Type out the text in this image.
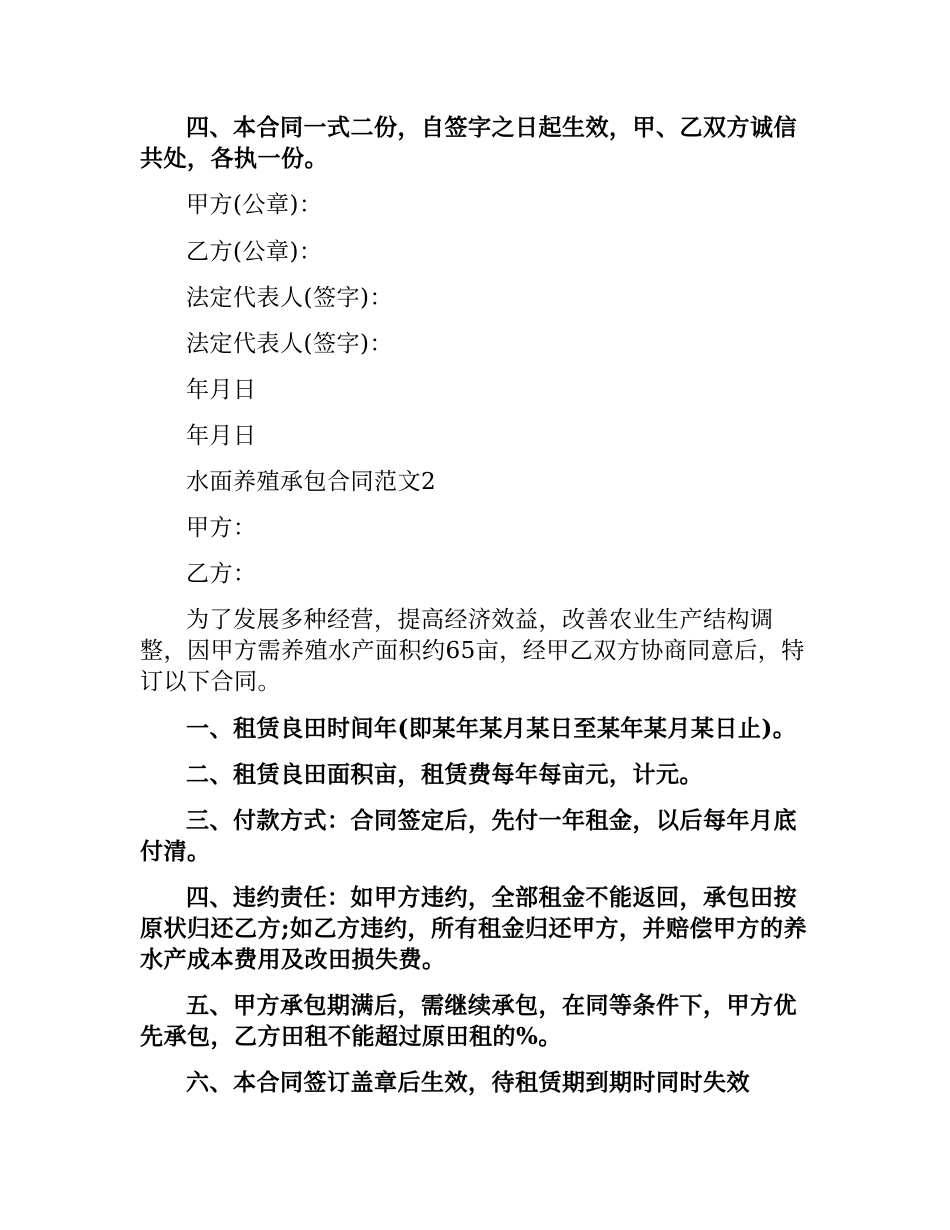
四、本合同一式二份，自签字之日起生效，甲、乙双方诚信共处，各执一份。

甲方(公章)：

乙方(公章)：

法定代表人(签字)：

法定代表人(签字)：

年月日

年月日

水面养殖承包合同范文2

甲方：

乙方：

为了发展多种经营，提高经济效益，改善农业生产结构调整，因甲方需养殖水产面积约65亩，经甲乙双方协商同意后，特订以下合同。

一、租赁良田时间年(即某年某月某日至某年某月某日止)。

二、租赁良田面积亩，租赁费每年每亩元，计元。

三、付款方式：合同签定后，先付一年租金，以后每年月底付清。

四、违约责任：如甲方违约，全部租金不能返回，承包田按原状归还乙方;如乙方违约，所有租金归还甲方，并赔偿甲方的养水产成本费用及改田损失费。

五、甲方承包期满后，需继续承包，在同等条件下，甲方优先承包，乙方田租不能超过原田租的%。

六、本合同签订盖章后生效，待租赁期到期时同时失效
